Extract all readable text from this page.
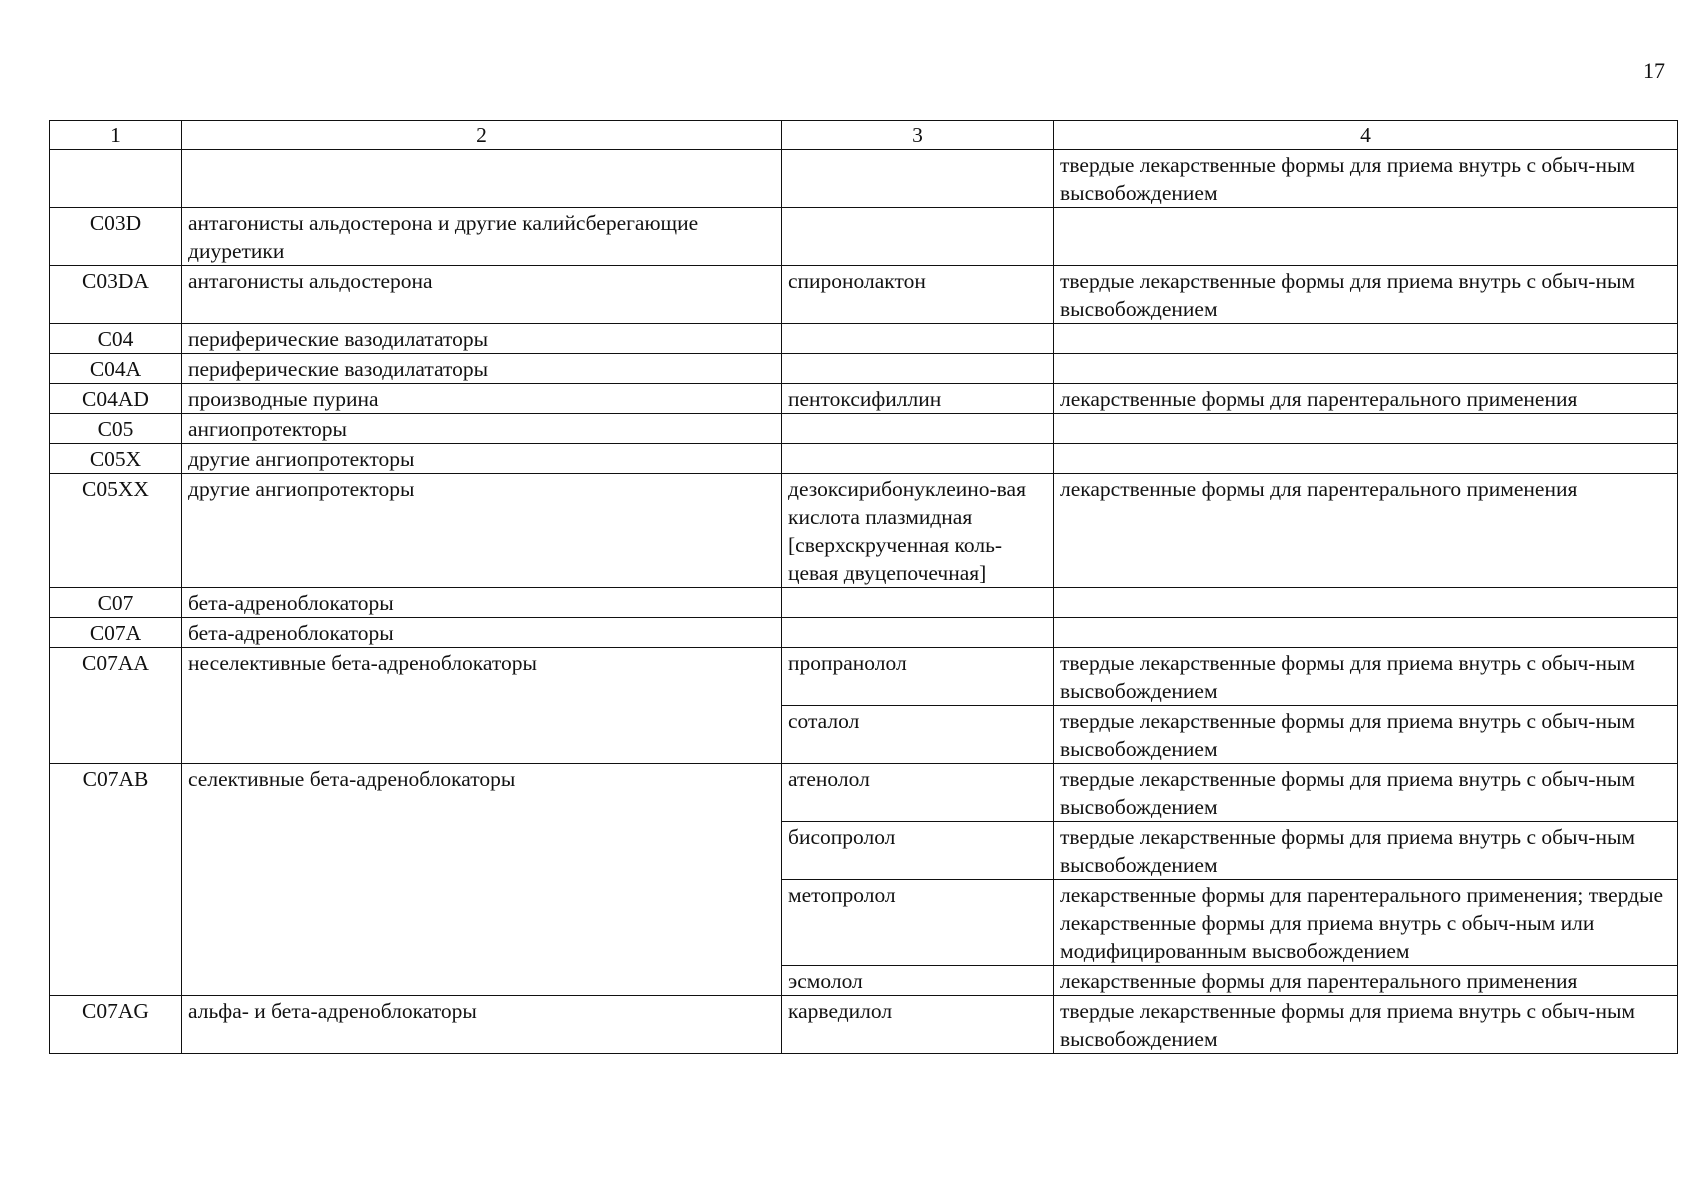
17
1	2	3	4
			твердые лекарственные формы для приема внутрь с обыч-ным высвобождением
C03D	антагонисты альдостерона и другие калийсберегающие диуретики		
C03DA	антагонисты альдостерона	спиронолактон	твердые лекарственные формы для приема внутрь с обыч-ным высвобождением
C04	периферические вазодилататоры		
C04A	периферические вазодилататоры		
C04AD	производные пурина	пентоксифиллин	лекарственные формы для парентерального применения
C05	ангиопротекторы		
C05X	другие ангиопротекторы		
C05XX	другие ангиопротекторы	дезоксирибонуклеино-вая кислота плазмидная [сверхскрученная коль-цевая двуцепочечная]	лекарственные формы для парентерального применения
C07	бета-адреноблокаторы		
C07A	бета-адреноблокаторы		
C07AA	неселективные бета-адреноблокаторы	пропранолол	твердые лекарственные формы для приема внутрь с обыч-ным высвобождением
		соталол	твердые лекарственные формы для приема внутрь с обыч-ным высвобождением
C07AB	селективные бета-адреноблокаторы	атенолол	твердые лекарственные формы для приема внутрь с обыч-ным высвобождением
		бисопролол	твердые лекарственные формы для приема внутрь с обыч-ным высвобождением
		метопролол	лекарственные формы для парентерального применения; твердые лекарственные формы для приема внутрь с обыч-ным или модифицированным высвобождением
		эсмолол	лекарственные формы для парентерального применения
C07AG	альфа- и бета-адреноблокаторы	карведилол	твердые лекарственные формы для приема внутрь с обыч-ным высвобождением
